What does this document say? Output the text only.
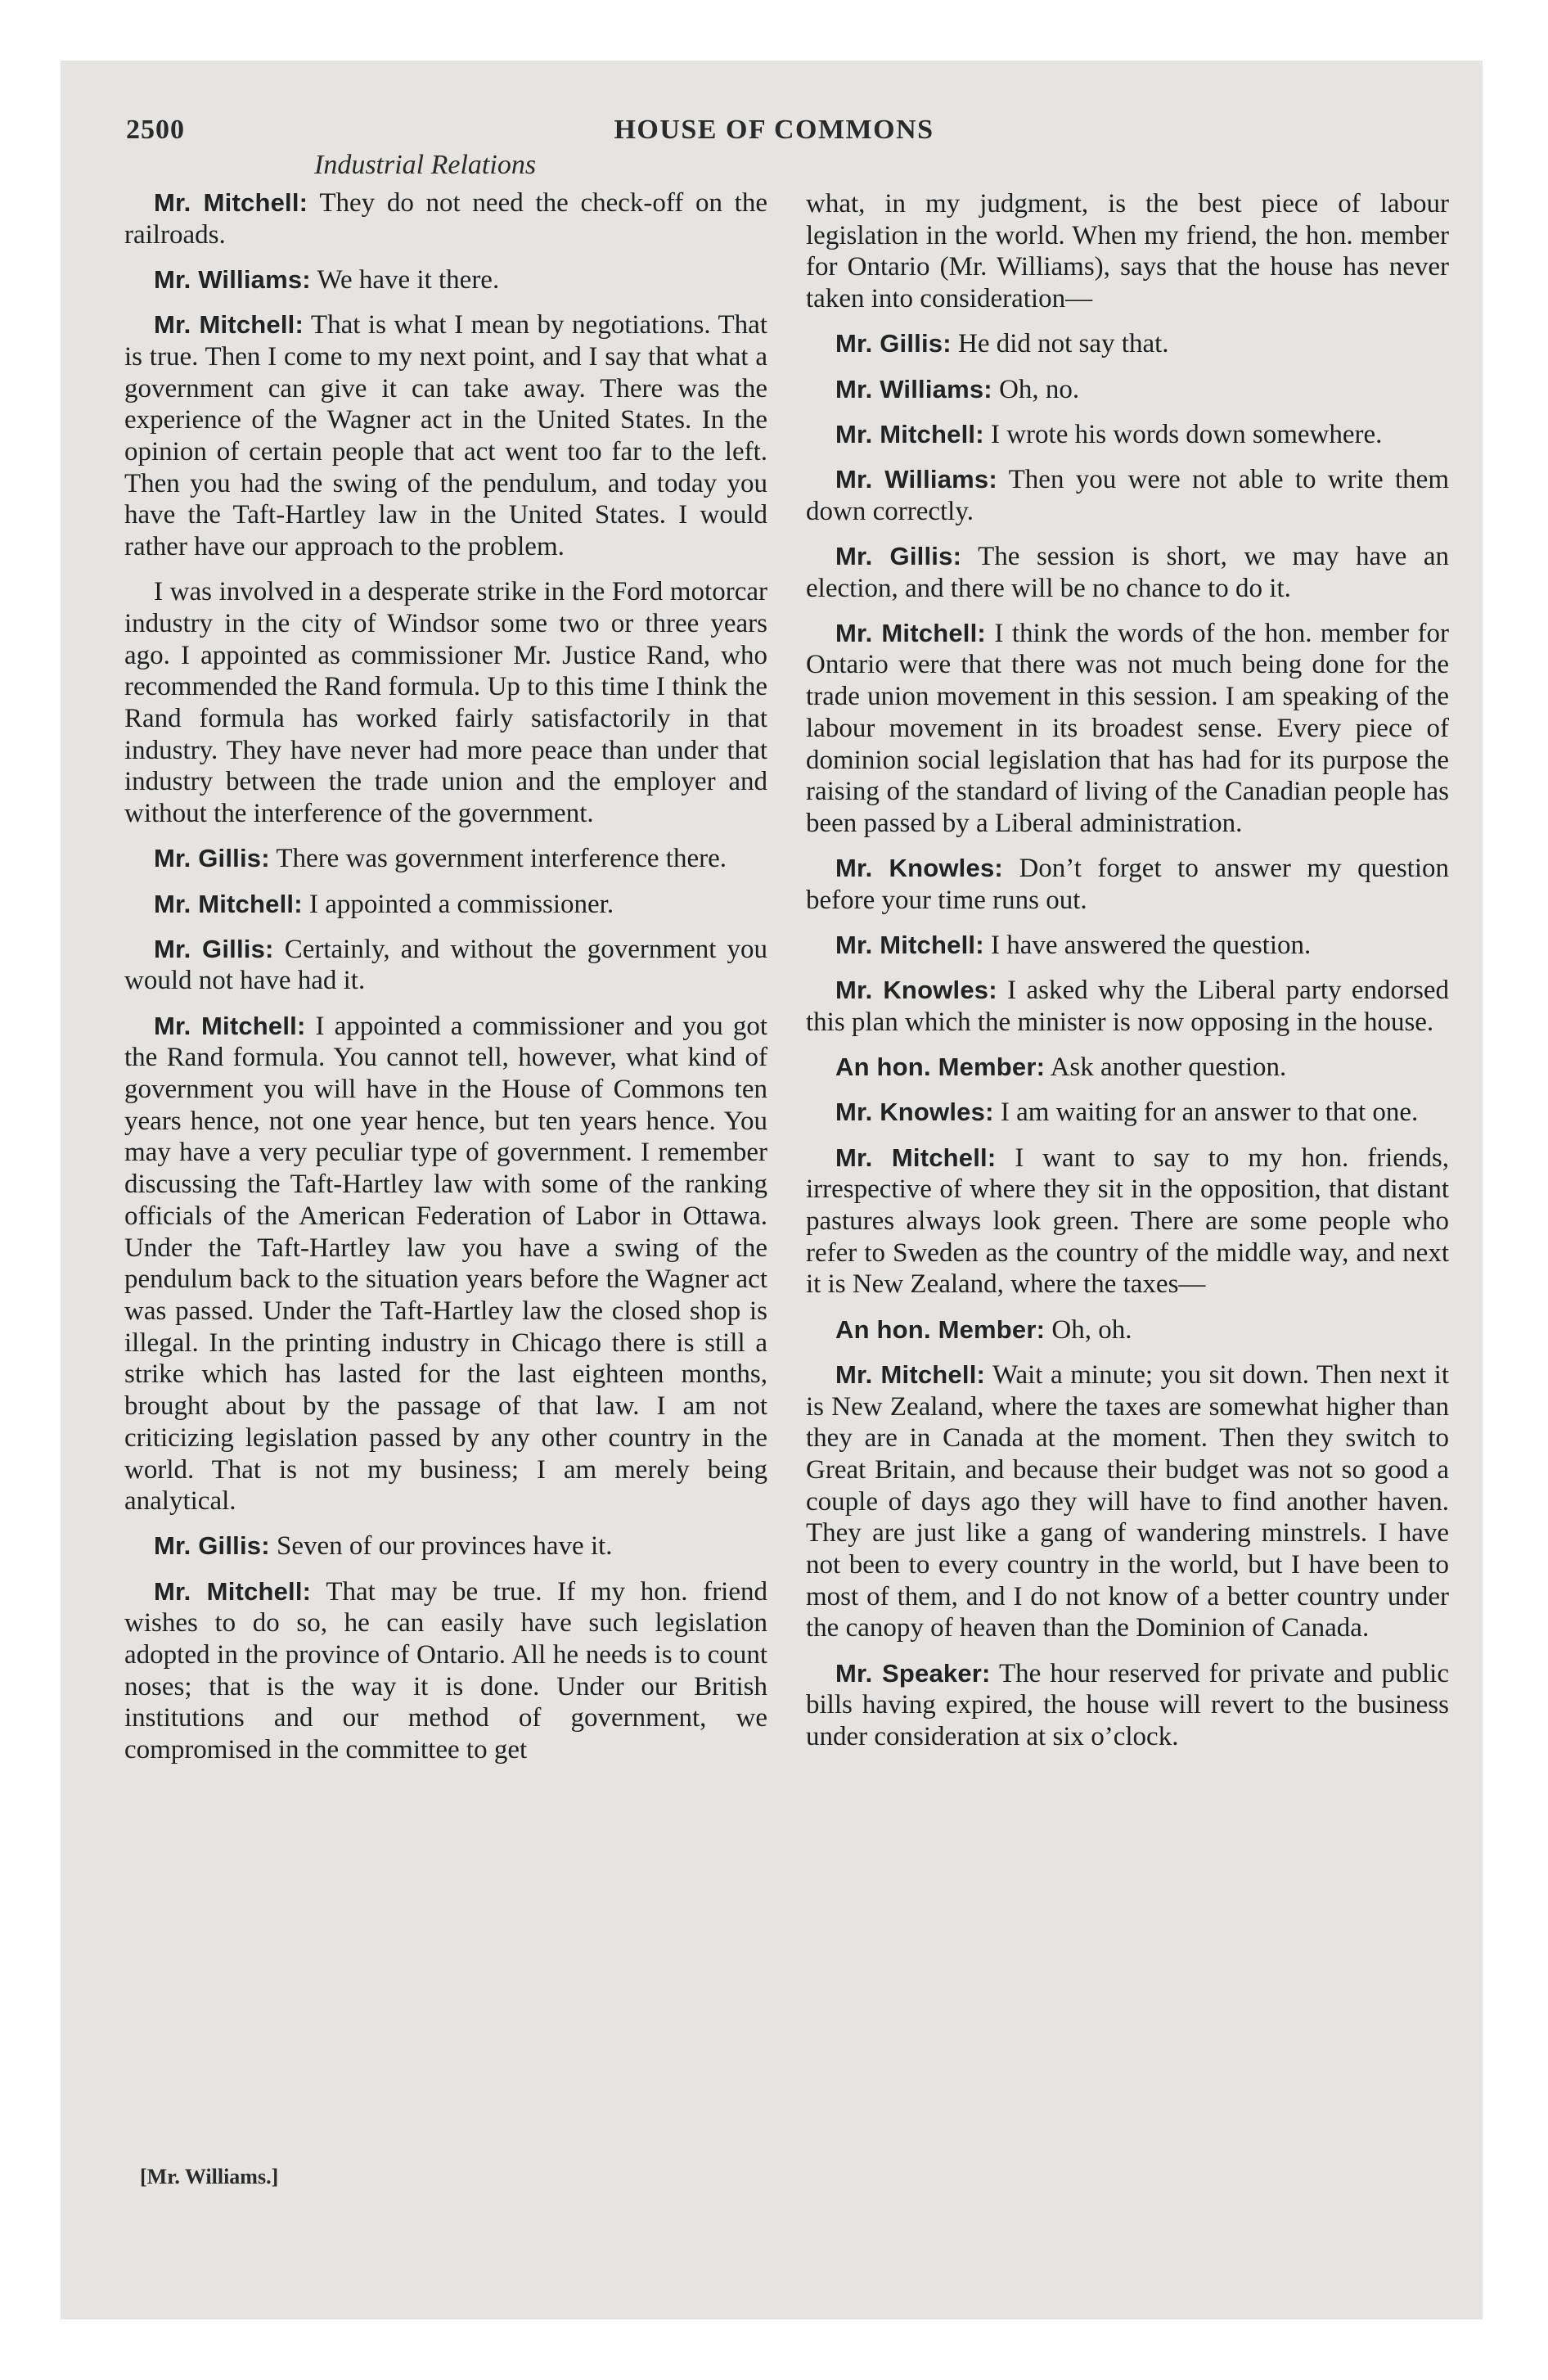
2500	HOUSE OF COMMONS
Industrial Relations

Mr. Mitchell: They do not need the check-off on the railroads.

Mr. Williams: We have it there.

Mr. Mitchell: That is what I mean by negotiations. That is true. Then I come to my next point, and I say that what a government can give it can take away. There was the experience of the Wagner act in the United States. In the opinion of certain people that act went too far to the left. Then you had the swing of the pendulum, and today you have the Taft-Hartley law in the United States. I would rather have our approach to the problem.

I was involved in a desperate strike in the Ford motorcar industry in the city of Windsor some two or three years ago. I appointed as commissioner Mr. Justice Rand, who recommended the Rand formula. Up to this time I think the Rand formula has worked fairly satisfactorily in that industry. They have never had more peace than under that industry between the trade union and the employer and without the interference of the government.

Mr. Gillis: There was government interference there.

Mr. Mitchell: I appointed a commissioner.

Mr. Gillis: Certainly, and without the government you would not have had it.

Mr. Mitchell: I appointed a commissioner and you got the Rand formula. You cannot tell, however, what kind of government you will have in the House of Commons ten years hence, not one year hence, but ten years hence. You may have a very peculiar type of government. I remember discussing the Taft-Hartley law with some of the ranking officials of the American Federation of Labor in Ottawa. Under the Taft-Hartley law you have a swing of the pendulum back to the situation years before the Wagner act was passed. Under the Taft-Hartley law the closed shop is illegal. In the printing industry in Chicago there is still a strike which has lasted for the last eighteen months, brought about by the passage of that law. I am not criticizing legislation passed by any other country in the world. That is not my business; I am merely being analytical.

Mr. Gillis: Seven of our provinces have it.

Mr. Mitchell: That may be true. If my hon. friend wishes to do so, he can easily have such legislation adopted in the province of Ontario. All he needs is to count noses; that is the way it is done. Under our British institutions and our method of government, we compromised in the committee to get

what, in my judgment, is the best piece of labour legislation in the world. When my friend, the hon. member for Ontario (Mr. Williams), says that the house has never taken into consideration—

Mr. Gillis: He did not say that.

Mr. Williams: Oh, no.

Mr. Mitchell: I wrote his words down somewhere.

Mr. Williams: Then you were not able to write them down correctly.

Mr. Gillis: The session is short, we may have an election, and there will be no chance to do it.

Mr. Mitchell: I think the words of the hon. member for Ontario were that there was not much being done for the trade union movement in this session. I am speaking of the labour movement in its broadest sense. Every piece of dominion social legislation that has had for its purpose the raising of the standard of living of the Canadian people has been passed by a Liberal administration.

Mr. Knowles: Don’t forget to answer my question before your time runs out.

Mr. Mitchell: I have answered the question.

Mr. Knowles: I asked why the Liberal party endorsed this plan which the minister is now opposing in the house.

An hon. Member: Ask another question.

Mr. Knowles: I am waiting for an answer to that one.

Mr. Mitchell: I want to say to my hon. friends, irrespective of where they sit in the opposition, that distant pastures always look green. There are some people who refer to Sweden as the country of the middle way, and next it is New Zealand, where the taxes—

An hon. Member: Oh, oh.

Mr. Mitchell: Wait a minute; you sit down. Then next it is New Zealand, where the taxes are somewhat higher than they are in Canada at the moment. Then they switch to Great Britain, and because their budget was not so good a couple of days ago they will have to find another haven. They are just like a gang of wandering minstrels. I have not been to every country in the world, but I have been to most of them, and I do not know of a better country under the canopy of heaven than the Dominion of Canada.

Mr. Speaker: The hour reserved for private and public bills having expired, the house will revert to the business under consideration at six o’clock.

[Mr. Williams.]
